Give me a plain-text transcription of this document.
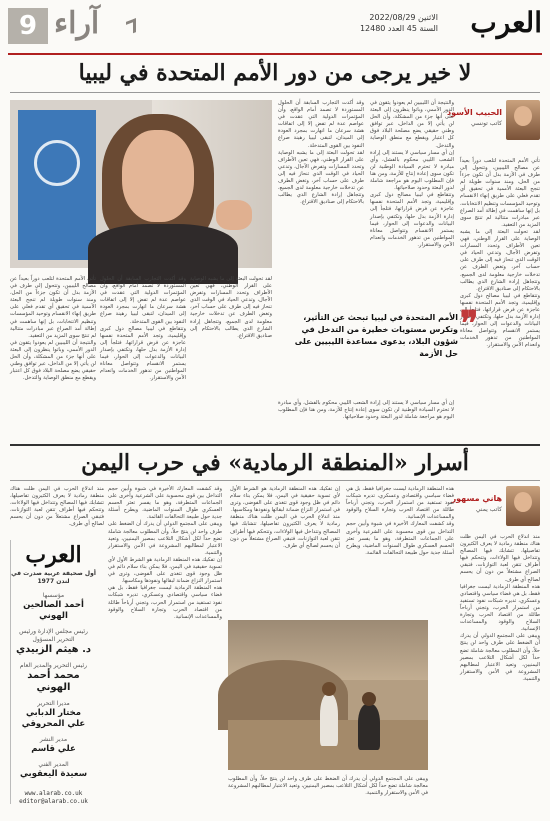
9 آراء	الاثنين 2022/08/29
السنة 45 العدد 12480 العرب
لا خير يرجى من دور الأمم المتحدة في ليبيا
الحبيب الأسود
كاتب تونسي
تأتي الأمم المتحدة لتلعب دوراً بعيداً عن مصالح الليبيين، وتتحول إلى طرف في الأزمة بدل أن تكون جزءاً من الحل، ومنذ سنوات طويلة لم تنجح البعثة الأممية في تحقيق أي تقدم فعلي على طريق إنهاء الانقسام وتوحيد المؤسسات وتنظيم الانتخابات، بل إنها ساهمت في إطالة أمد الصراع عبر مبادرات متتالية لم تنتج سوى المزيد من التعقيد.
لقد تحولت البعثة إلى ما يشبه الوصاية على القرار الوطني، فهي تعين الأطراف وتحدد المسارات وتفرض الآجال، وتدعي الحياد في الوقت الذي تنحاز فيه إلى طرف على حساب آخر، وتغض الطرف عن تدخلات خارجية معلومة لدى الجميع، وتتجاهل إرادة الشارع الذي يطالب بالاحتكام إلى صناديق الاقتراع.
وتتقاطع في ليبيا مصالح دول كبرى وإقليمية، وتجد الأمم المتحدة نفسها عاجزة عن فرض قراراتها، فتلجأ إلى إدارة الأزمة بدل حلها، وتكتفي بإصدار البيانات والدعوات إلى الحوار، فيما يستمر الانقسام وتتواصل معاناة المواطنين من تدهور الخدمات وانعدام الأمن والاستقرار.
والنتيجة أن الليبيين لم يعودوا يثقون في الدور الأممي، وباتوا ينظرون إلى البعثة على أنها جزء من المشكلة، وأن الحل لن يأتي إلا من الداخل، عبر توافق وطني حقيقي يضع مصلحة البلاد فوق كل اعتبار ويقطع مع منطق الوصاية والتدخل.
إن أي مسار سياسي لا يستند إلى إرادة الشعب الليبي محكوم بالفشل، وأي مبادرة لا تحترم السيادة الوطنية لن تكون سوى إعادة إنتاج للأزمة، ومن هنا فإن المطلوب اليوم هو مراجعة شاملة لدور البعثة وحدود صلاحياتها.
وتتقاطع في ليبيا مصالح دول كبرى وإقليمية، وتجد الأمم المتحدة نفسها عاجزة عن فرض قراراتها، فتلجأ إلى إدارة الأزمة بدل حلها، وتكتفي بإصدار البيانات والدعوات إلى الحوار، فيما يستمر الانقسام وتتواصل معاناة المواطنين من تدهور الخدمات وانعدام الأمن والاستقرار.
وقد أكدت التجارب السابقة أن الحلول المستوردة لا تصمد أمام الواقع، وأن المؤتمرات الدولية التي عقدت في عواصم عدة لم تفض إلا إلى اتفاقات هشة سرعان ما انهارت بمجرد العودة إلى الميدان، لتبقى ليبيا رهينة صراع النفوذ بين القوى المتدخلة.
لقد تحولت البعثة إلى ما يشبه الوصاية على القرار الوطني، فهي تعين الأطراف وتحدد المسارات وتفرض الآجال، وتدعي الحياد في الوقت الذي تنحاز فيه إلى طرف على حساب آخر، وتغض الطرف عن تدخلات خارجية معلومة لدى الجميع، وتتجاهل إرادة الشارع الذي يطالب بالاحتكام إلى صناديق الاقتراع.
❞
الأمم المتحدة في ليبيا تبحث عن التأثير، وتكرس مستويات خطيرة من التدخل في شؤون البلاد، بدعوى مساعدة الليبيين على حل الأزمة
إن أي مسار سياسي لا يستند إلى إرادة الشعب الليبي محكوم بالفشل، وأي مبادرة لا تحترم السيادة الوطنية لن تكون سوى إعادة إنتاج للأزمة، ومن هنا فإن المطلوب اليوم هو مراجعة شاملة لدور البعثة وحدود صلاحياتها.
تأتي الأمم المتحدة لتلعب دوراً بعيداً عن مصالح الليبيين، وتتحول إلى طرف في الأزمة بدل أن تكون جزءاً من الحل، ومنذ سنوات طويلة لم تنجح البعثة الأممية في تحقيق أي تقدم فعلي على طريق إنهاء الانقسام وتوحيد المؤسسات وتنظيم الانتخابات، بل إنها ساهمت في إطالة أمد الصراع عبر مبادرات متتالية لم تنتج سوى المزيد من التعقيد.
والنتيجة أن الليبيين لم يعودوا يثقون في الدور الأممي، وباتوا ينظرون إلى البعثة على أنها جزء من المشكلة، وأن الحل لن يأتي إلا من الداخل، عبر توافق وطني حقيقي يضع مصلحة البلاد فوق كل اعتبار ويقطع مع منطق الوصاية والتدخل.
وقد أكدت التجارب السابقة أن الحلول المستوردة لا تصمد أمام الواقع، وأن المؤتمرات الدولية التي عقدت في عواصم عدة لم تفض إلا إلى اتفاقات هشة سرعان ما انهارت بمجرد العودة إلى الميدان، لتبقى ليبيا رهينة صراع النفوذ بين القوى المتدخلة.
وتتقاطع في ليبيا مصالح دول كبرى وإقليمية، وتجد الأمم المتحدة نفسها عاجزة عن فرض قراراتها، فتلجأ إلى إدارة الأزمة بدل حلها، وتكتفي بإصدار البيانات والدعوات إلى الحوار، فيما يستمر الانقسام وتتواصل معاناة المواطنين من تدهور الخدمات وانعدام الأمن والاستقرار.
لقد تحولت البعثة إلى ما يشبه الوصاية على القرار الوطني، فهي تعين الأطراف وتحدد المسارات وتفرض الآجال، وتدعي الحياد في الوقت الذي تنحاز فيه إلى طرف على حساب آخر، وتغض الطرف عن تدخلات خارجية معلومة لدى الجميع، وتتجاهل إرادة الشارع الذي يطالب بالاحتكام إلى صناديق الاقتراع.
أسرار «المنطقة الرمادية» في حرب اليمن
هاني مسهور
كاتب يمني
منذ اندلاع الحرب في اليمن ظلت هناك منطقة رمادية لا يعرف الكثيرون تفاصيلها، تتشابك فيها المصالح وتتداخل فيها الولاءات، وتتحكم فيها أطراف تتقن لعبة التوازنات، فتبقي الصراع مشتعلاً من دون أن يحسم لصالح أي طرف.
هذه المنطقة الرمادية ليست جغرافيا فقط، بل هي فضاء سياسي واقتصادي وعسكري، تديره شبكات نفوذ تستفيد من استمرار الحرب، وتجني أرباحاً طائلة من اقتصاد الحرب وتجارة السلاح والوقود والمساعدات الإنسانية.
ويبقى على المجتمع الدولي أن يدرك أن الضغط على طرف واحد لن ينتج حلاً، وأن المطلوب معالجة شاملة تضع حداً لكل أشكال التلاعب بمصير اليمنيين، وتعيد الاعتبار لمطالبهم المشروعة في الأمن والاستقرار والتنمية.
هذه المنطقة الرمادية ليست جغرافيا فقط، بل هي فضاء سياسي واقتصادي وعسكري، تديره شبكات نفوذ تستفيد من استمرار الحرب، وتجني أرباحاً طائلة من اقتصاد الحرب وتجارة السلاح والوقود والمساعدات الإنسانية.
وقد كشفت المعارك الأخيرة في شبوة وأبين حجم التداخل بين قوى محسوبة على الشرعية وأخرى على الجماعات المتطرفة، وهو ما يفسر تعثر الحسم العسكري طوال السنوات الماضية، ويطرح أسئلة جدية حول طبيعة التحالفات القائمة.
إن تفكيك هذه المنطقة الرمادية هو الشرط الأول لأي تسوية حقيقية في اليمن، فلا يمكن بناء سلام دائم في ظل وجود قوى تتغذى على الفوضى، وترى في استمرار النزاع ضمانة لبقائها ونفوذها ومكاسبها.
منذ اندلاع الحرب في اليمن ظلت هناك منطقة رمادية لا يعرف الكثيرون تفاصيلها، تتشابك فيها المصالح وتتداخل فيها الولاءات، وتتحكم فيها أطراف تتقن لعبة التوازنات، فتبقي الصراع مشتعلاً من دون أن يحسم لصالح أي طرف.
وقد كشفت المعارك الأخيرة في شبوة وأبين حجم التداخل بين قوى محسوبة على الشرعية وأخرى على الجماعات المتطرفة، وهو ما يفسر تعثر الحسم العسكري طوال السنوات الماضية، ويطرح أسئلة جدية حول طبيعة التحالفات القائمة.
ويبقى على المجتمع الدولي أن يدرك أن الضغط على طرف واحد لن ينتج حلاً، وأن المطلوب معالجة شاملة تضع حداً لكل أشكال التلاعب بمصير اليمنيين، وتعيد الاعتبار لمطالبهم المشروعة في الأمن والاستقرار والتنمية.
إن تفكيك هذه المنطقة الرمادية هو الشرط الأول لأي تسوية حقيقية في اليمن، فلا يمكن بناء سلام دائم في ظل وجود قوى تتغذى على الفوضى، وترى في استمرار النزاع ضمانة لبقائها ونفوذها ومكاسبها.
هذه المنطقة الرمادية ليست جغرافيا فقط، بل هي فضاء سياسي واقتصادي وعسكري، تديره شبكات نفوذ تستفيد من استمرار الحرب، وتجني أرباحاً طائلة من اقتصاد الحرب وتجارة السلاح والوقود والمساعدات الإنسانية.
ويبقى على المجتمع الدولي أن يدرك أن الضغط على طرف واحد لن ينتج حلاً، وأن المطلوب معالجة شاملة تضع حداً لكل أشكال التلاعب بمصير اليمنيين، وتعيد الاعتبار لمطالبهم المشروعة في الأمن والاستقرار والتنمية.
منذ اندلاع الحرب في اليمن ظلت هناك منطقة رمادية لا يعرف الكثيرون تفاصيلها، تتشابك فيها المصالح وتتداخل فيها الولاءات، وتتحكم فيها أطراف تتقن لعبة التوازنات، فتبقي الصراع مشتعلاً من دون أن يحسم لصالح أي طرف.
العرب
أول صحيفة عربية صدرت في لندن 1977
مؤسسها
أحمد الصالحين الهوني
رئيس مجلس الإدارة ورئيس التحرير المسؤول
د. هيثم الزبيدي
رئيس التحرير والمدير العام
محمد أحمد الهوني
مديرا التحرير
مختار الدبابي
علي المحروقي
مدير النشر
علي قاسم
المدير الفني
سعيدة اليعقوبي
www.alarab.co.uk
editor@alarab.co.uk
